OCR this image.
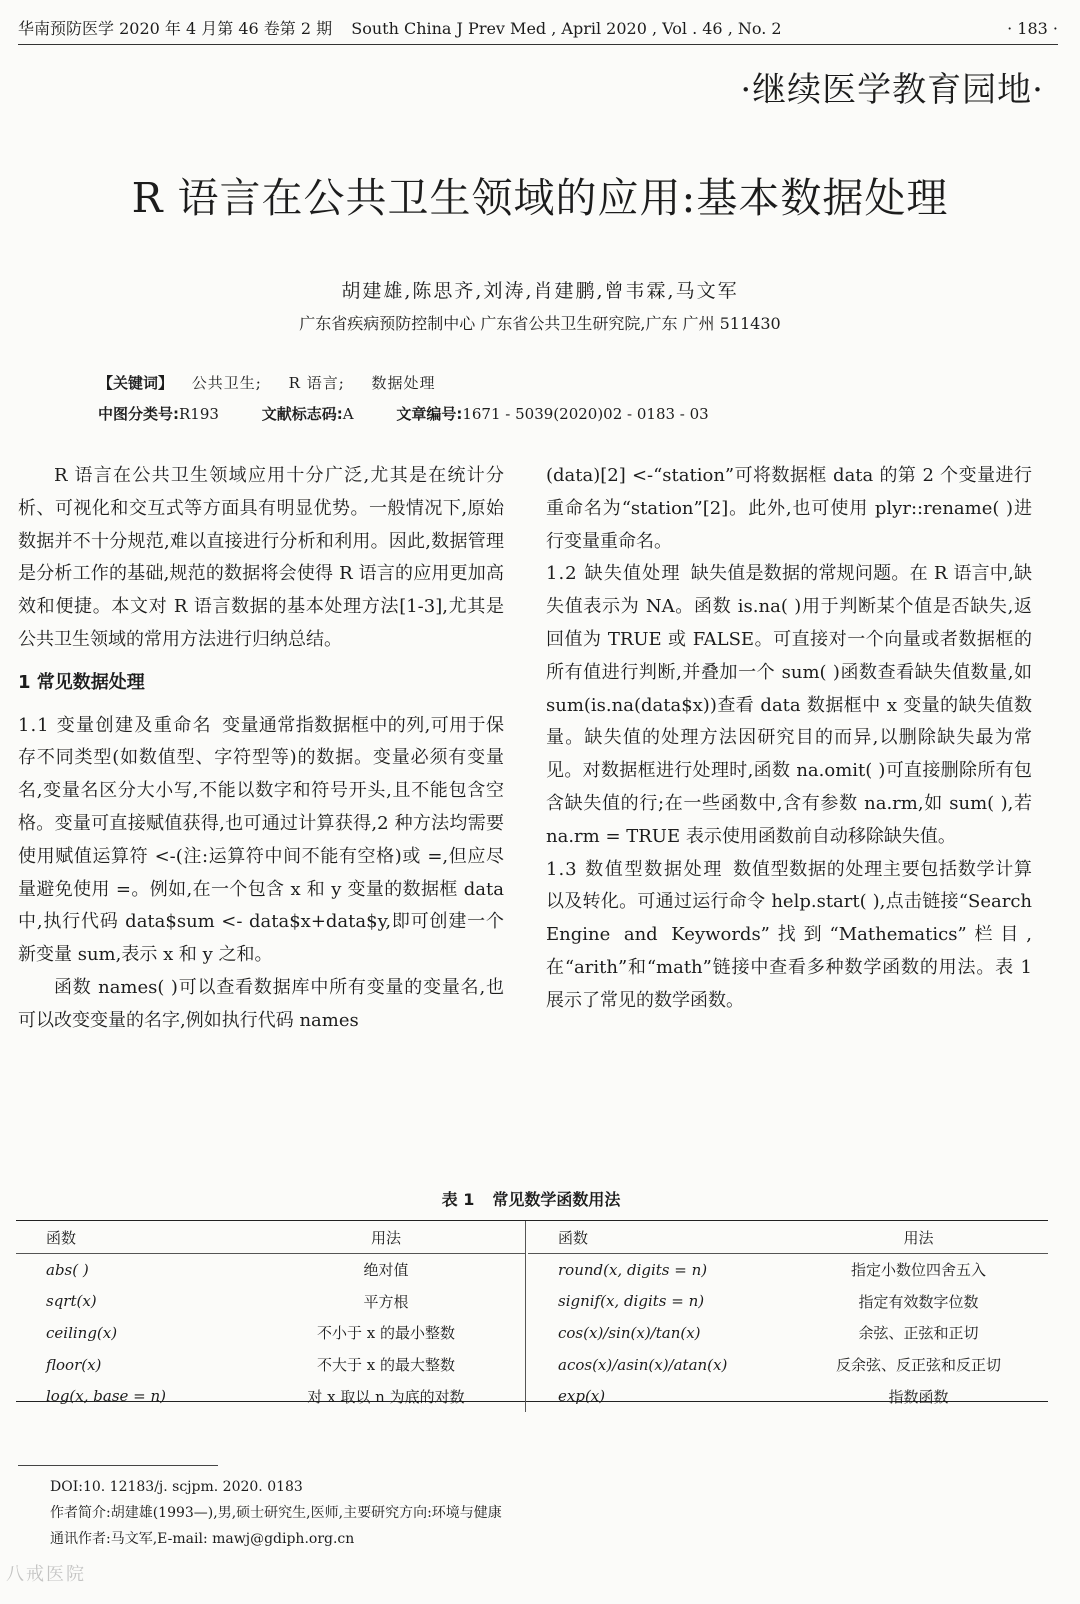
华南预防医学 2020 年 4 月第 46 卷第 2 期 South China J Prev Med , April 2020 , Vol . 46 , No. 2	· 183 ·
·继续医学教育园地·
R 语言在公共卫生领域的应用:基本数据处理
胡建雄,陈思齐,刘涛,肖建鹏,曾韦霖,马文军
广东省疾病预防控制中心 广东省公共卫生研究院,广东 广州 511430
【关键词】 公共卫生; R 语言; 数据处理
中图分类号:R193	文献标志码:A	文章编号:1671 - 5039(2020)02 - 0183 - 03

R 语言在公共卫生领域应用十分广泛,尤其是在统计分析、可视化和交互式等方面具有明显优势。一般情况下,原始数据并不十分规范,难以直接进行分析和利用。因此,数据管理是分析工作的基础,规范的数据将会使得 R 语言的应用更加高效和便捷。本文对 R 语言数据的基本处理方法[1-3],尤其是公共卫生领域的常用方法进行归纳总结。

1 常见数据处理

1.1 变量创建及重命名 变量通常指数据框中的列,可用于保存不同类型(如数值型、字符型等)的数据。变量必须有变量名,变量名区分大小写,不能以数字和符号开头,且不能包含空格。变量可直接赋值获得,也可通过计算获得,2 种方法均需要使用赋值运算符 <-(注:运算符中间不能有空格)或 =,但应尽量避免使用 =。例如,在一个包含 x 和 y 变量的数据框 data 中,执行代码 data$sum <- data$x+data$y,即可创建一个新变量 sum,表示 x 和 y 之和。

函数 names( )可以查看数据库中所有变量的变量名,也可以改变变量的名字,例如执行代码 names

(data)[2] <-“station”可将数据框 data 的第 2 个变量进行重命名为“station”[2]。此外,也可使用 plyr::rename( )进行变量重命名。

1.2 缺失值处理 缺失值是数据的常规问题。在 R 语言中,缺失值表示为 NA。函数 is.na( )用于判断某个值是否缺失,返回值为 TRUE 或 FALSE。可直接对一个向量或者数据框的所有值进行判断,并叠加一个 sum( )函数查看缺失值数量,如 sum(is.na(data$x))查看 data 数据框中 x 变量的缺失值数量。缺失值的处理方法因研究目的而异,以删除缺失最为常见。对数据框进行处理时,函数 na.omit( )可直接删除所有包含缺失值的行;在一些函数中,含有参数 na.rm,如 sum( ),若 na.rm = TRUE 表示使用函数前自动移除缺失值。

1.3 数值型数据处理 数值型数据的处理主要包括数学计算以及转化。可通过运行命令 help.start( ),点击链接“Search Engine and Keywords”找到“Mathematics”栏目,在“arith”和“math”链接中查看多种数学函数的用法。表 1 展示了常见的数学函数。

表 1 常见数学函数用法
函数	用法
abs( )	绝对值
sqrt(x)	平方根
ceiling(x)	不小于 x 的最小整数
floor(x)	不大于 x 的最大整数
log(x, base = n)	对 x 取以 n 为底的对数
函数	用法
round(x, digits = n)	指定小数位四舍五入
signif(x, digits = n)	指定有效数字位数
cos(x)/sin(x)/tan(x)	余弦、正弦和正切
acos(x)/asin(x)/atan(x)	反余弦、反正弦和反正切
exp(x)	指数函数
DOI:10. 12183/j. scjpm. 2020. 0183
作者简介:胡建雄(1993—),男,硕士研究生,医师,主要研究方向:环境与健康
通讯作者:马文军,E-mail: mawj@gdiph.org.cn
八戒医院
